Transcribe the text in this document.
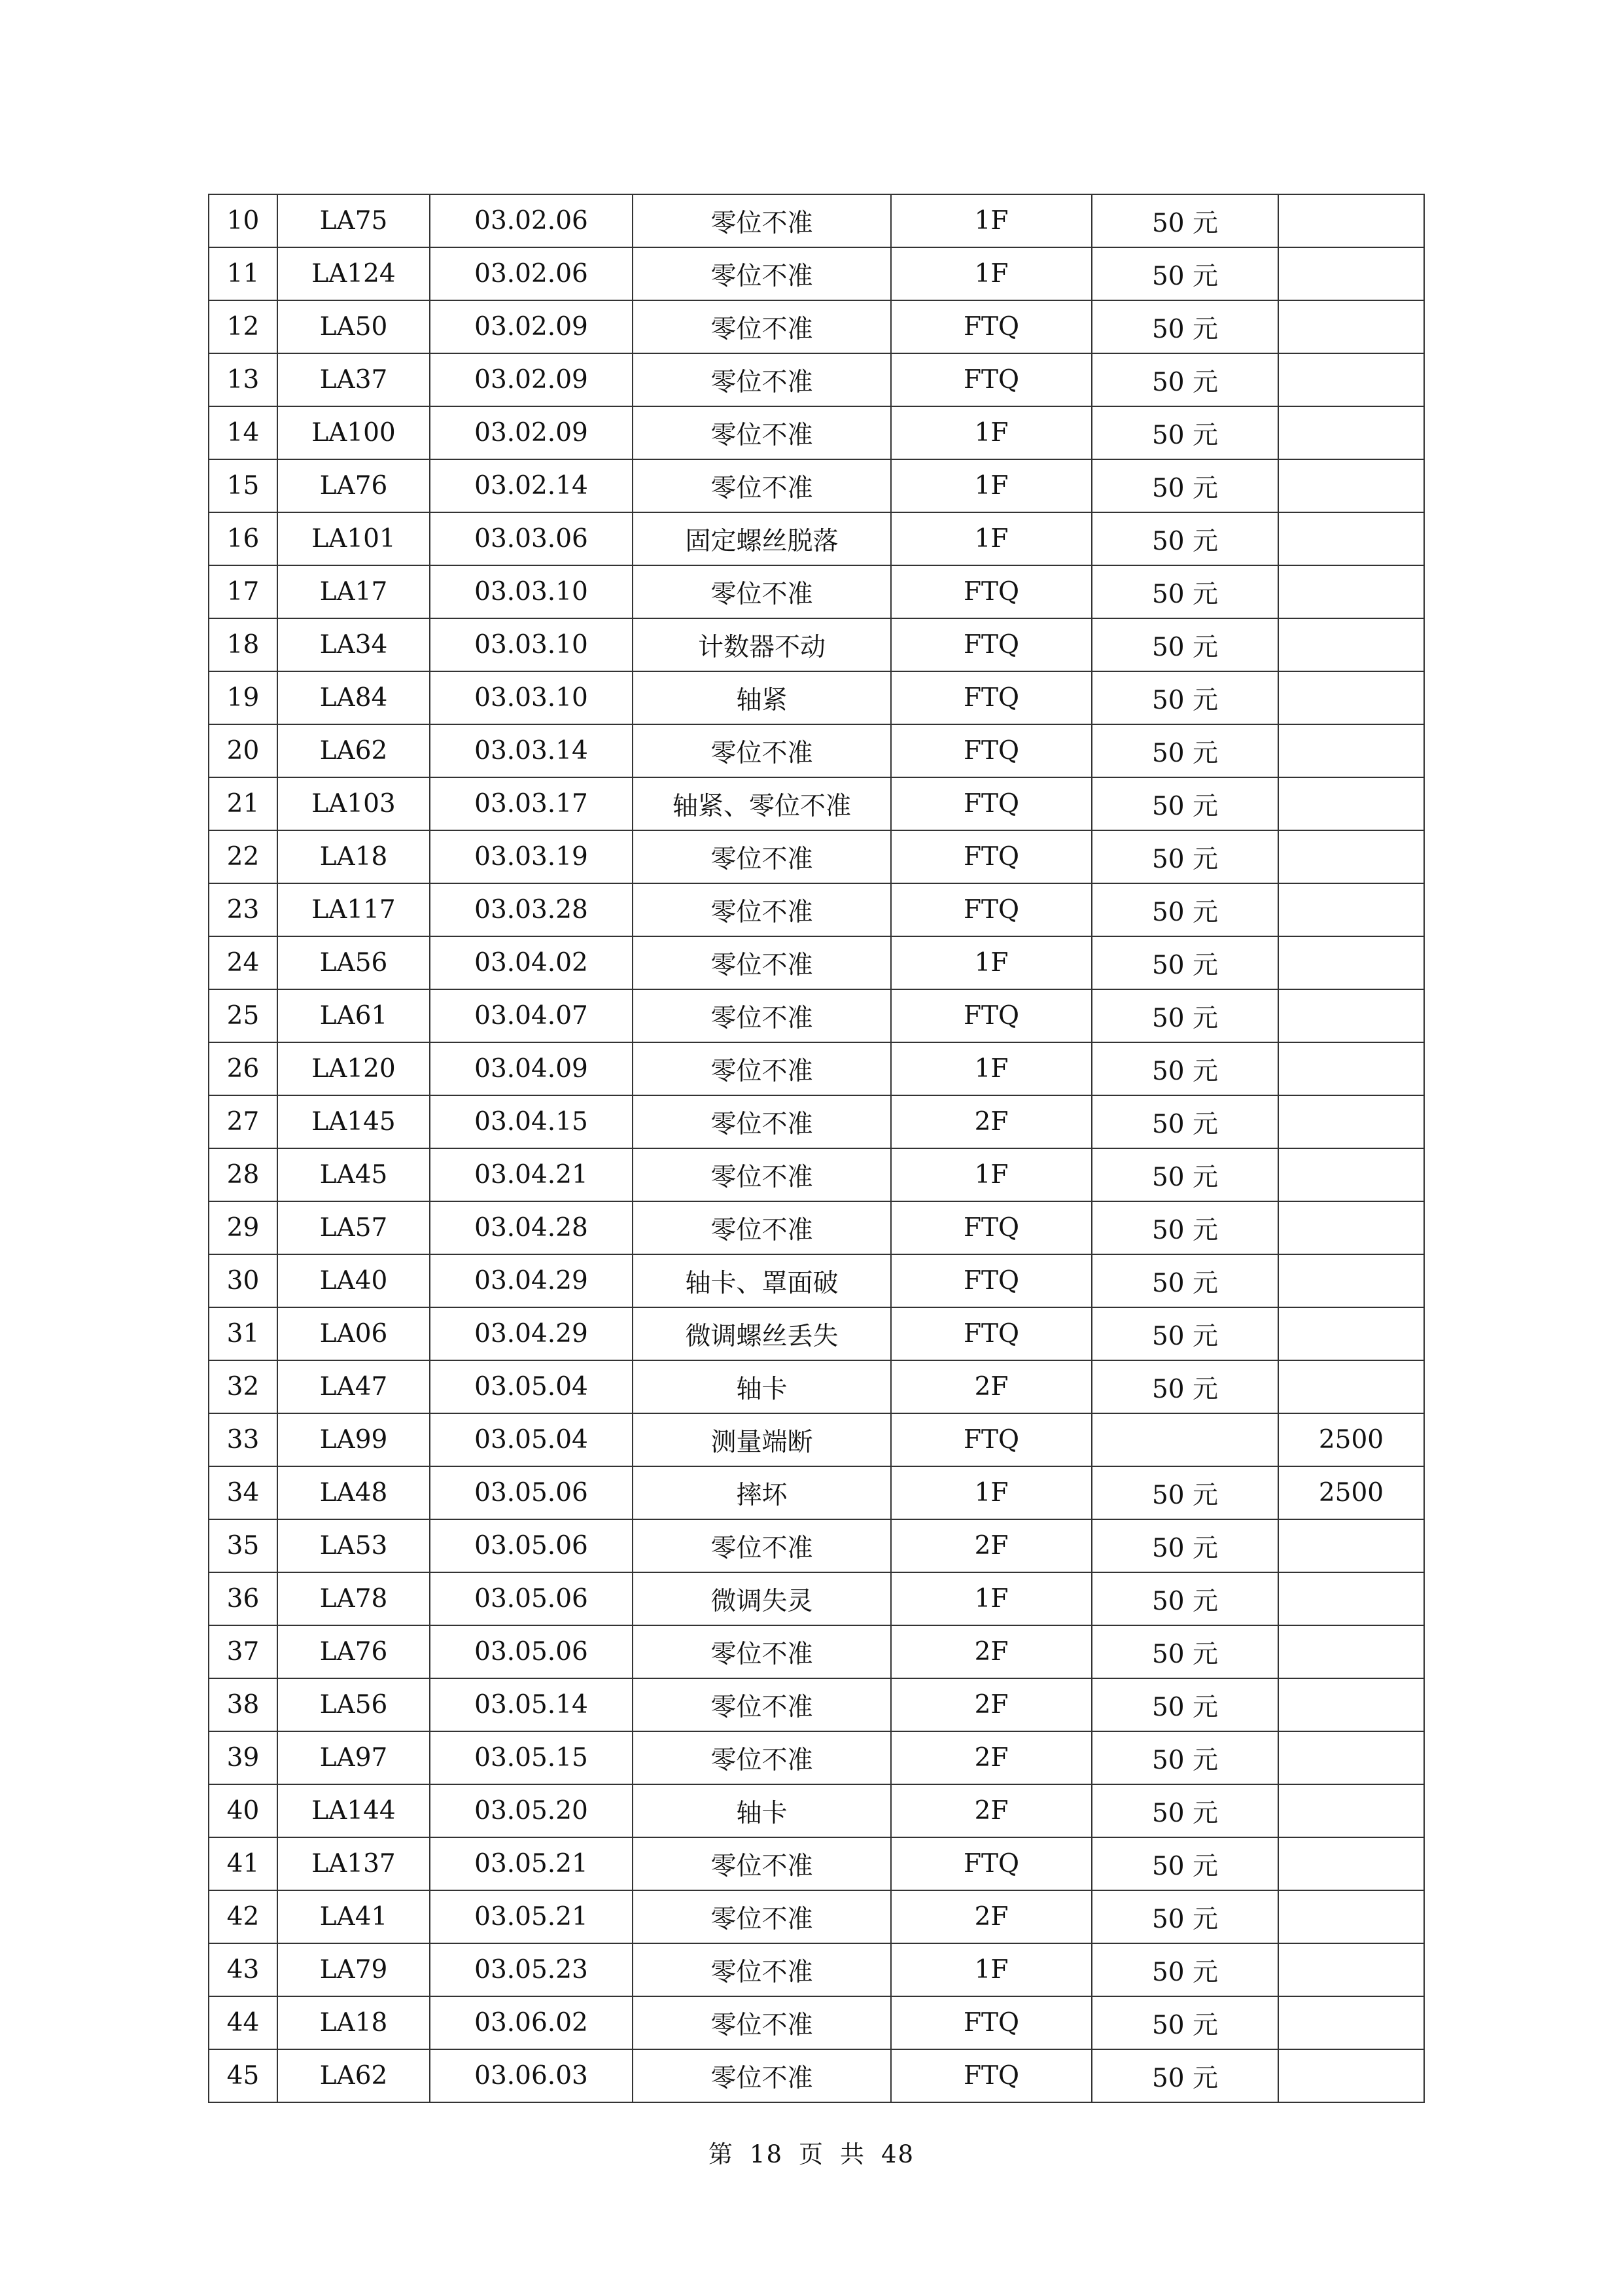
10	LA75	03.02.06	零位不准	1F	50 元	
11	LA124	03.02.06	零位不准	1F	50 元	
12	LA50	03.02.09	零位不准	FTQ	50 元	
13	LA37	03.02.09	零位不准	FTQ	50 元	
14	LA100	03.02.09	零位不准	1F	50 元	
15	LA76	03.02.14	零位不准	1F	50 元	
16	LA101	03.03.06	固定螺丝脱落	1F	50 元	
17	LA17	03.03.10	零位不准	FTQ	50 元	
18	LA34	03.03.10	计数器不动	FTQ	50 元	
19	LA84	03.03.10	轴紧	FTQ	50 元	
20	LA62	03.03.14	零位不准	FTQ	50 元	
21	LA103	03.03.17	轴紧、零位不准	FTQ	50 元	
22	LA18	03.03.19	零位不准	FTQ	50 元	
23	LA117	03.03.28	零位不准	FTQ	50 元	
24	LA56	03.04.02	零位不准	1F	50 元	
25	LA61	03.04.07	零位不准	FTQ	50 元	
26	LA120	03.04.09	零位不准	1F	50 元	
27	LA145	03.04.15	零位不准	2F	50 元	
28	LA45	03.04.21	零位不准	1F	50 元	
29	LA57	03.04.28	零位不准	FTQ	50 元	
30	LA40	03.04.29	轴卡、罩面破	FTQ	50 元	
31	LA06	03.04.29	微调螺丝丢失	FTQ	50 元	
32	LA47	03.05.04	轴卡	2F	50 元	
33	LA99	03.05.04	测量端断	FTQ		2500
34	LA48	03.05.06	摔坏	1F	50 元	2500
35	LA53	03.05.06	零位不准	2F	50 元	
36	LA78	03.05.06	微调失灵	1F	50 元	
37	LA76	03.05.06	零位不准	2F	50 元	
38	LA56	03.05.14	零位不准	2F	50 元	
39	LA97	03.05.15	零位不准	2F	50 元	
40	LA144	03.05.20	轴卡	2F	50 元	
41	LA137	03.05.21	零位不准	FTQ	50 元	
42	LA41	03.05.21	零位不准	2F	50 元	
43	LA79	03.05.23	零位不准	1F	50 元	
44	LA18	03.06.02	零位不准	FTQ	50 元	
45	LA62	03.06.03	零位不准	FTQ	50 元	
第 18 页 共 48
